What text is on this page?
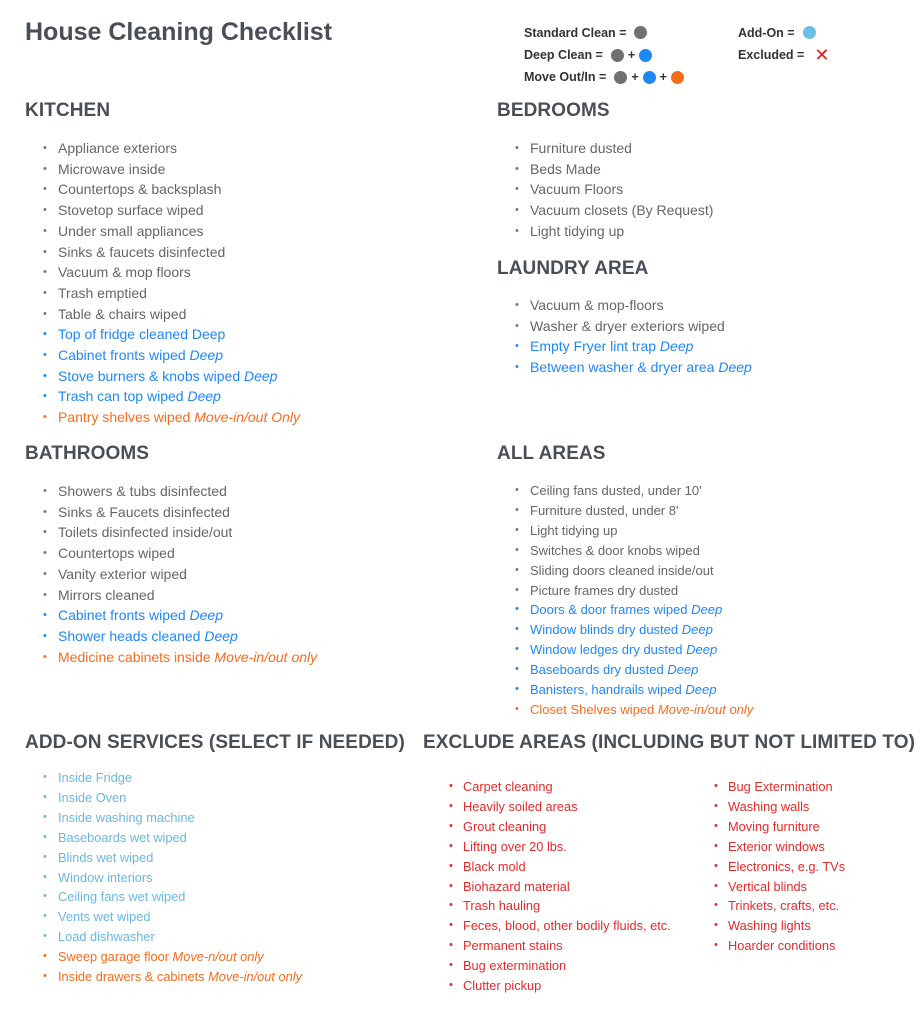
House Cleaning Checklist	Standard Clean =
Deep Clean = +
Move Out/In = + +
Add-On =
Excluded = ✕
KITCHEN
• Appliance exteriors
• Microwave inside
• Countertops & backsplash
• Stovetop surface wiped
• Under small appliances
• Sinks & faucets disinfected
• Vacuum & mop floors
• Trash emptied
• Table & chairs wiped
• Top of fridge cleaned Deep
• Cabinet fronts wiped Deep
• Stove burners & knobs wiped Deep
• Trash can top wiped Deep
• Pantry shelves wiped Move-in/out Only
BEDROOMS
• Furniture dusted
• Beds Made
• Vacuum Floors
• Vacuum closets (By Request)
• Light tidying up
LAUNDRY AREA
• Vacuum & mop-floors
• Washer & dryer exteriors wiped
• Empty Fryer lint trap Deep
• Between washer & dryer area Deep
BATHROOMS
• Showers & tubs disinfected
• Sinks & Faucets disinfected
• Toilets disinfected inside/out
• Countertops wiped
• Vanity exterior wiped
• Mirrors cleaned
• Cabinet fronts wiped Deep
• Shower heads cleaned Deep
• Medicine cabinets inside Move-in/out only
ALL AREAS
• Ceiling fans dusted, under 10'
• Furniture dusted, under 8'
• Light tidying up
• Switches & door knobs wiped
• Sliding doors cleaned inside/out
• Picture frames dry dusted
• Doors & door frames wiped Deep
• Window blinds dry dusted Deep
• Window ledges dry dusted Deep
• Baseboards dry dusted Deep
• Banisters, handrails wiped Deep
• Closet Shelves wiped Move-in/out only
ADD-ON SERVICES (SELECT IF NEEDED)
• Inside Fridge
• Inside Oven
• Inside washing machine
• Baseboards wet wiped
• Blinds wet wiped
• Window interiors
• Ceiling fans wet wiped
• Vents wet wiped
• Load dishwasher
• Sweep garage floor Move-n/out only
• Inside drawers & cabinets Move-in/out only
EXCLUDE AREAS (INCLUDING BUT NOT LIMITED TO)
• Carpet cleaning
• Heavily soiled areas
• Grout cleaning
• Lifting over 20 lbs.
• Black mold
• Biohazard material
• Trash hauling
• Feces, blood, other bodily fluids, etc.
• Permanent stains
• Bug extermination
• Clutter pickup
• Bug Extermination
• Washing walls
• Moving furniture
• Exterior windows
• Electronics, e.g. TVs
• Vertical blinds
• Trinkets, crafts, etc.
• Washing lights
• Hoarder conditions
